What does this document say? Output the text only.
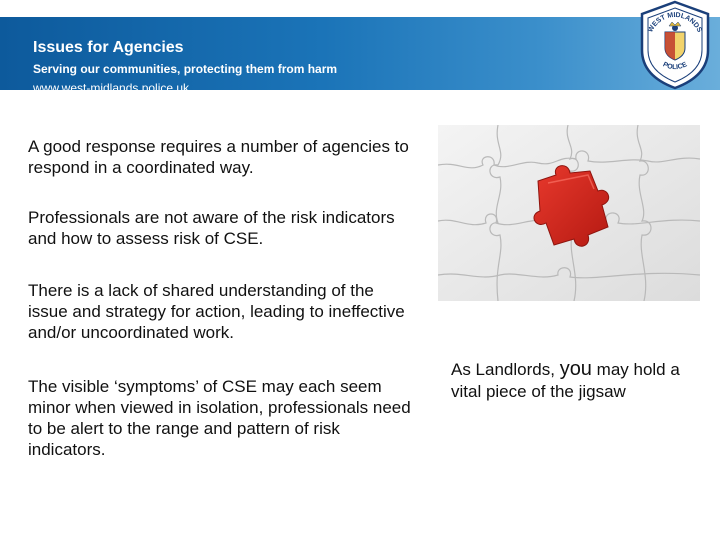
Issues for Agencies
Serving our communities, protecting them from harm
www.west-midlands.police.uk
WEST MIDLANDS
POLICE

A good response requires a number of agencies to respond in a coordinated way.

Professionals are not aware of the risk indicators and how to assess risk of CSE.

There is a lack of shared understanding of the issue and strategy for action, leading to ineffective and/or uncoordinated work.

The visible ‘symptoms’ of CSE may each seem minor when viewed in isolation, professionals need to be alert to the range and pattern of risk indicators.

As Landlords, you may hold a vital piece of the jigsaw
